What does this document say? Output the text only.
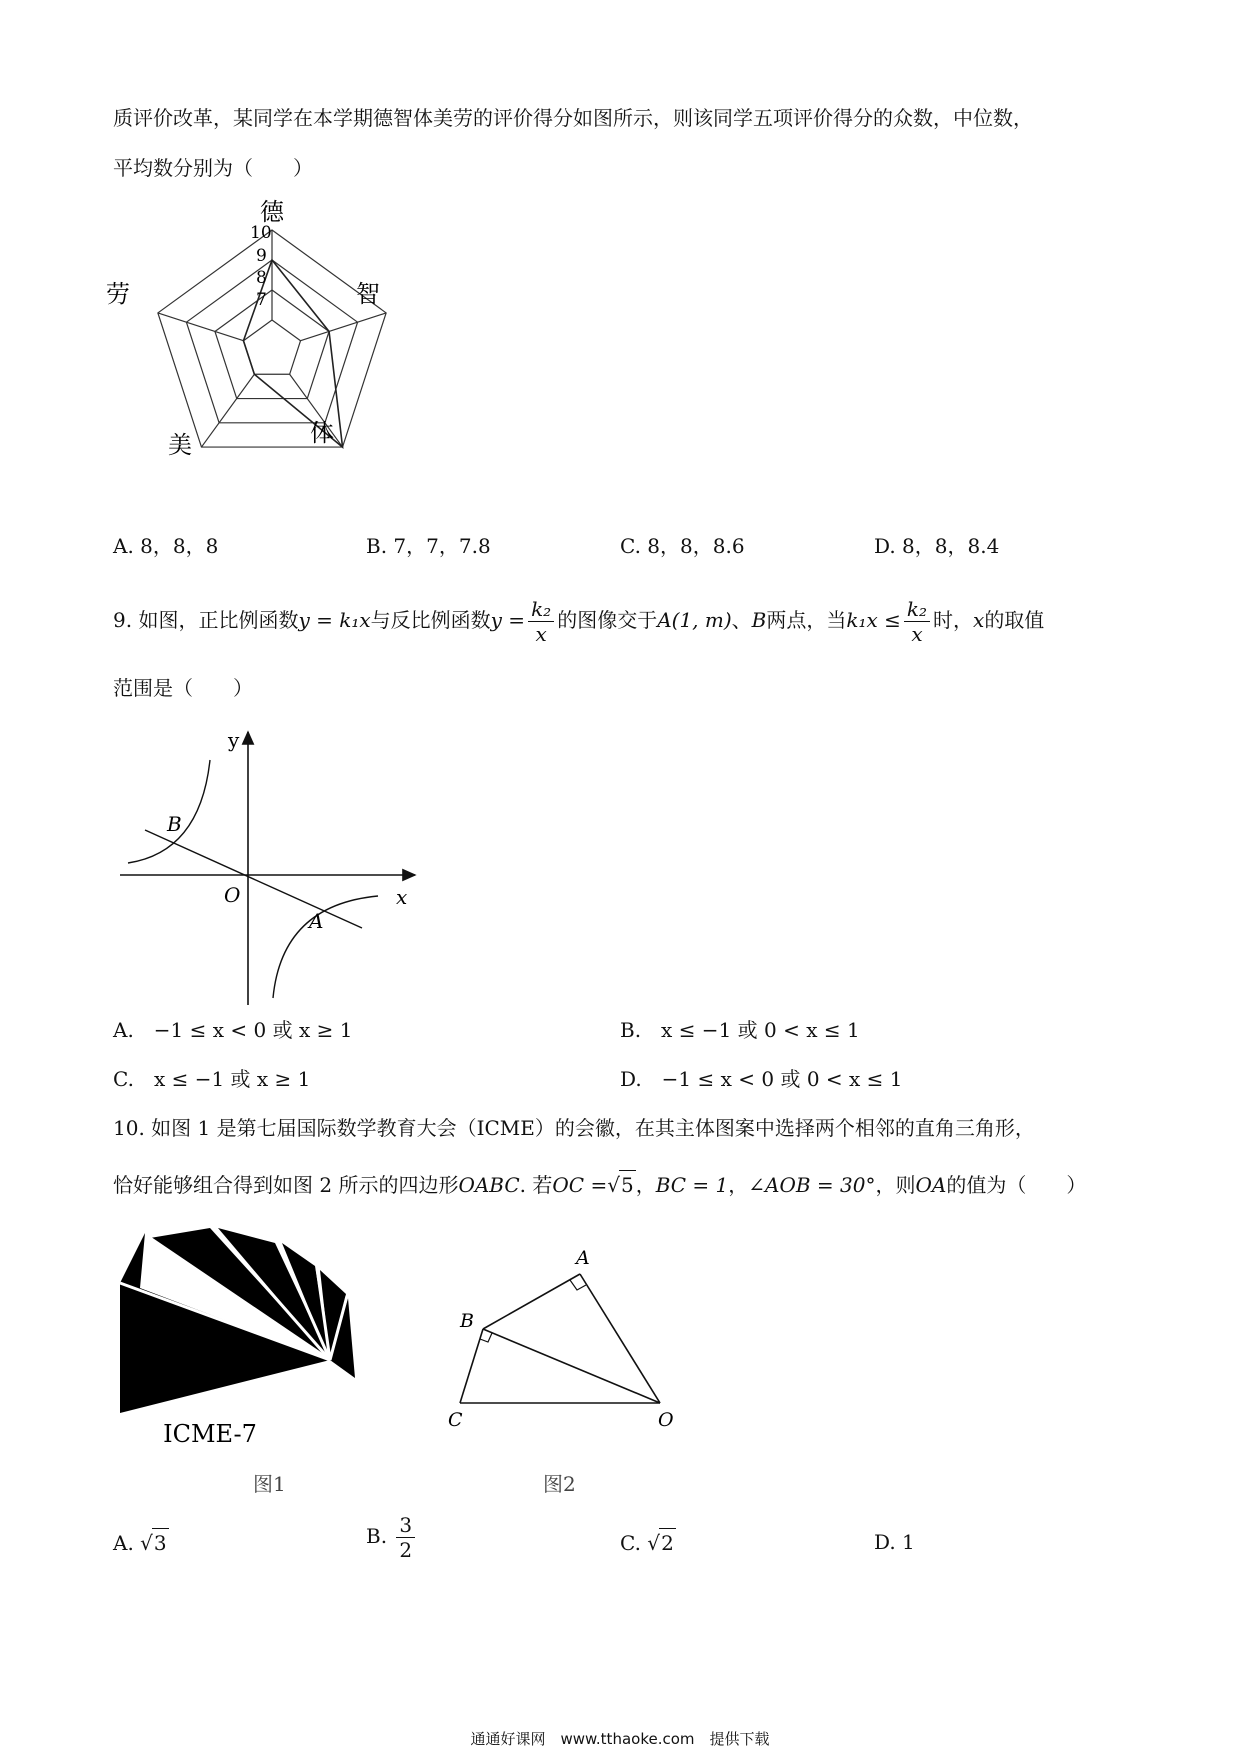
质评价改革，某同学在本学期德智体美劳的评价得分如图所示，则该同学五项评价得分的众数，中位数，
平均数分别为（　　）
德
智
体
美
劳
10
9
8
7
A. 8，8，8	B. 7，7，7.8	C. 8，8，8.6	D. 8，8，8.4
9. 如图，正比例函数y = k₁x与反比例函数$y = \frac{\text{k₂}}{x}$ 的图像交于A(1, m)、B两点，当$k_1x \le \frac{\text{k₂}}{x}$ 时，x的取值
范围是（　　）
y
x
O
B
A
A.　−1 ≤ x < 0 或 x ≥ 1	B.　x ≤ −1 或 0 < x ≤ 1
C.　x ≤ −1 或 x ≥ 1	D.　−1 ≤ x < 0 或 0 < x ≤ 1
10. 如图 1 是第七届国际数学教育大会（ICME）的会徽，在其主体图案中选择两个相邻的直角三角形，
恰好能够组合得到如图 2 所示的四边形OABC. 若OC =√5 ，BC = 1，∠AOB = 30°，则OA的值为（　　）
ICME-7
图1
A
B
C	O
图2
A. √3	B. $\frac{3}{2}$	C. √2	D. 1
通通好课网　www.tthaoke.com　提供下载
